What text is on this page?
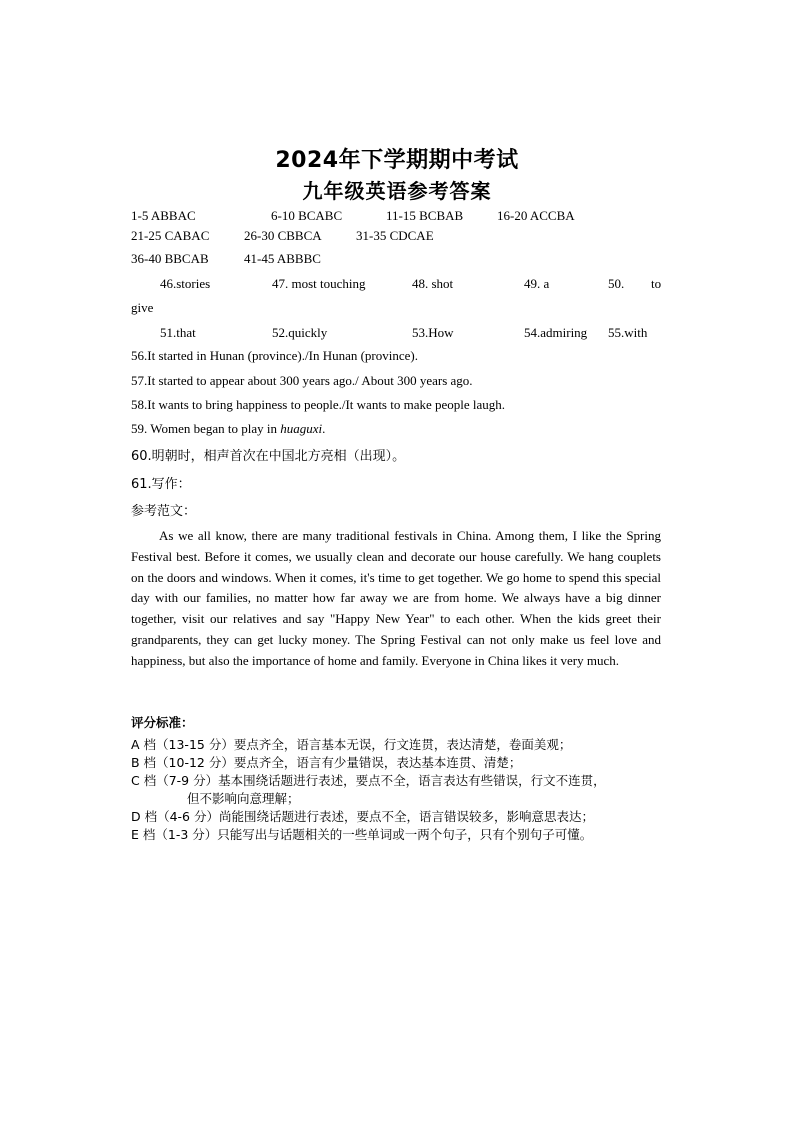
2024年下学期期中考试
九年级英语参考答案
1-5 ABBAC	6-10 BCABC	11-15 BCBAB	16-20 ACCBA
21-25 CABAC	26-30 CBBCA	31-35 CDCAE
36-40 BBCAB	41-45 ABBBC
46.stories	47. most touching	48. shot	49. a	50. to
give
51.that	52.quickly	53.How	54.admiring 55.with
56.It started in Hunan (province)./In Hunan (province).
57.It started to appear about 300 years ago./ About 300 years ago.
58.It wants to bring happiness to people./It wants to make people laugh.
59. Women began to play in huaguxi.
60.明朝时，相声首次在中国北方亮相（出现）。
61.写作：
参考范文：

As we all know, there are many traditional festivals in China. Among them, I like the Spring Festival best. Before it comes, we usually clean and decorate our house carefully. We hang couplets on the doors and windows. When it comes, it's time to get together. We go home to spend this special day with our families, no matter how far away we are from home. We always have a big dinner together, visit our relatives and say "Happy New Year" to each other. When the kids greet their grandparents, they can get lucky money. The Spring Festival can not only make us feel love and happiness, but also the importance of home and family. Everyone in China likes it very much.

评分标准：
A 档（13-15 分）要点齐全，语言基本无误，行文连贯，表达清楚，卷面美观；
B 档（10-12 分）要点齐全，语言有少量错误，表达基本连贯、清楚；
C 档（7-9 分）基本围绕话题进行表述，要点不全，语言表达有些错误，行文不连贯，
但不影响向意理解；
D 档（4-6 分）尚能围绕话题进行表述，要点不全，语言错误较多，影响意思表达；
E 档（1-3 分）只能写出与话题相关的一些单词或一两个句子，只有个别句子可懂。
